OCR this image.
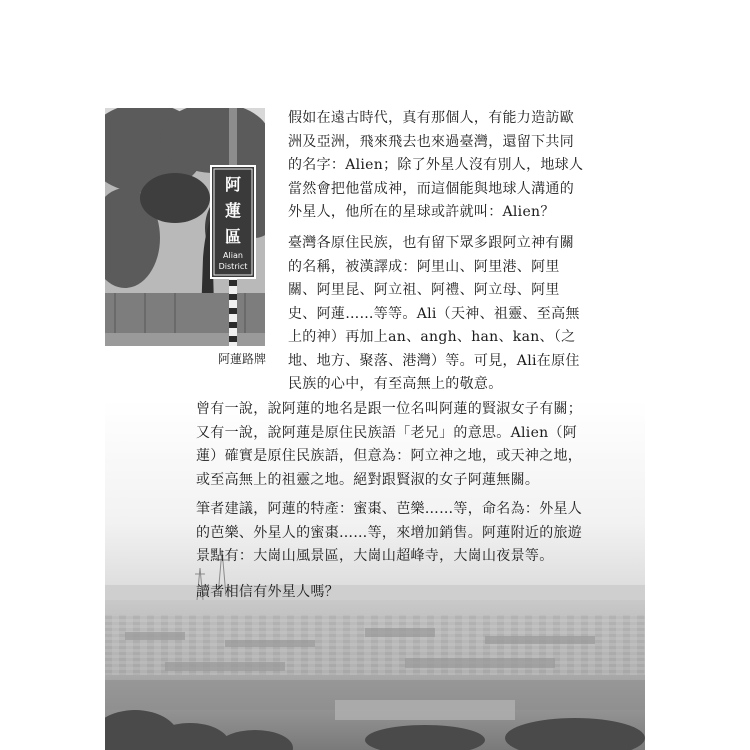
阿
蓮
區
Alian
District
阿蓮路牌

假如在遠古時代，真有那個人，有能力造訪歐洲及亞洲，飛來飛去也來過臺灣，還留下共同的名字：Alien；除了外星人沒有別人，地球人當然會把他當成神，而這個能與地球人溝通的外星人，他所在的星球或許就叫：Alien？

臺灣各原住民族，也有留下眾多跟阿立神有關的名稱，被漢譯成：阿里山、阿里港、阿里關、阿里昆、阿立祖、阿禮、阿立母、阿里史、阿蓮……等等。Ali（天神、祖靈、至高無上的神）再加上an、angh、han、kan、（之地、地方、聚落、港灣）等。可見，Ali在原住民族的心中，有至高無上的敬意。

曾有一說，說阿蓮的地名是跟一位名叫阿蓮的賢淑女子有關；又有一說，說阿蓮是原住民族語「老兄」的意思。Alien（阿蓮）確實是原住民族語，但意為：阿立神之地，或天神之地，或至高無上的祖靈之地。絕對跟賢淑的女子阿蓮無關。

筆者建議，阿蓮的特產：蜜棗、芭樂……等，命名為：外星人的芭樂、外星人的蜜棗……等，來增加銷售。阿蓮附近的旅遊景點有：大崗山風景區，大崗山超峰寺，大崗山夜景等。

讀者相信有外星人嗎？
